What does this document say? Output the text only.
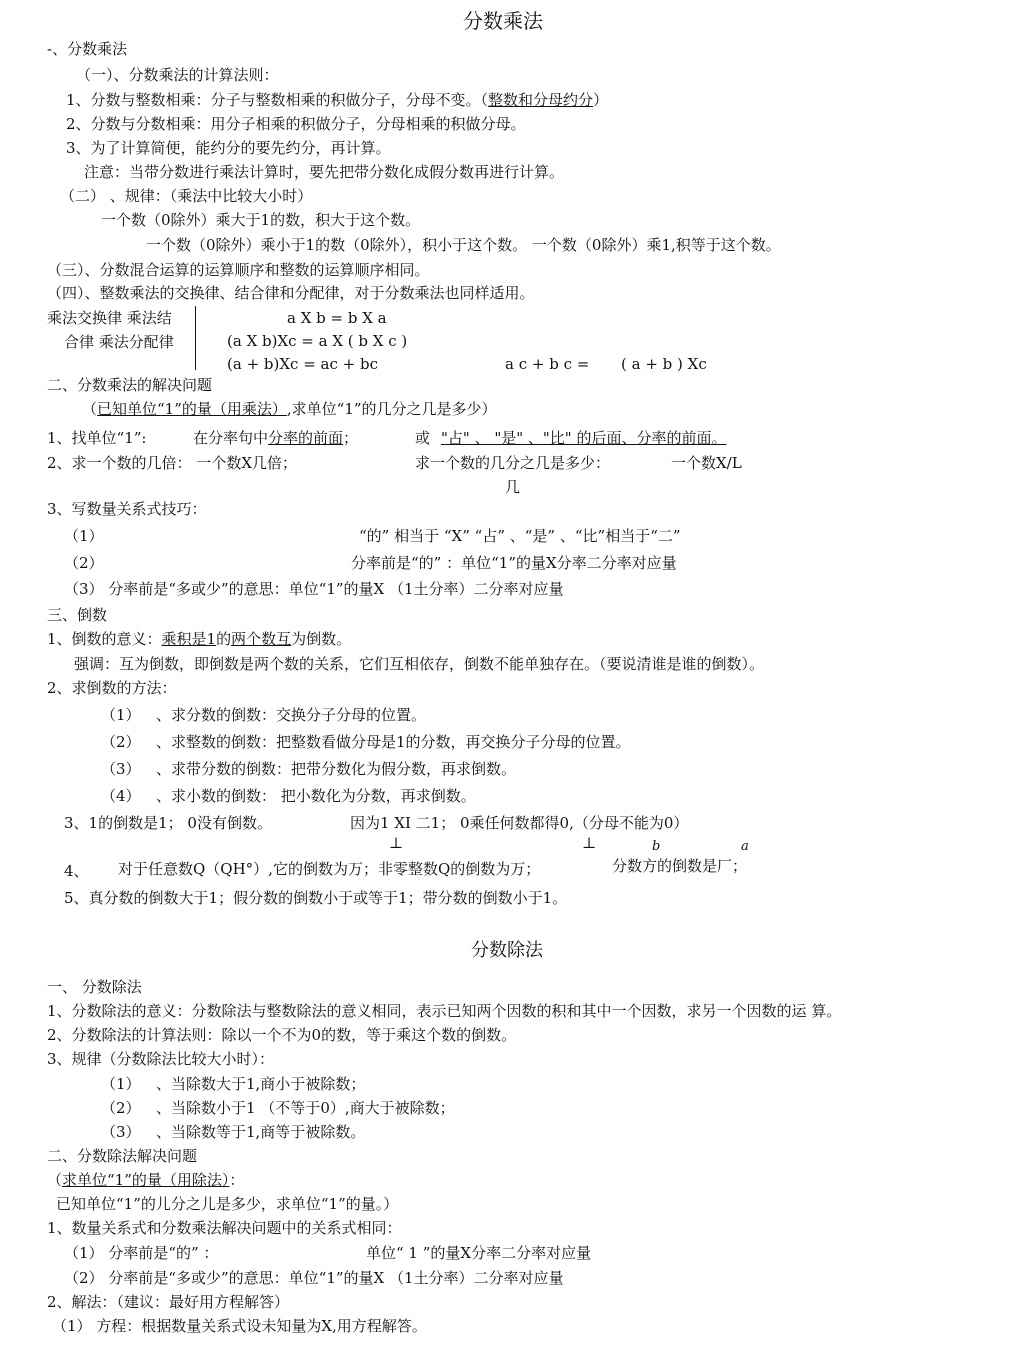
分数乘法
-、分数乘法
（一）、分数乘法的计算法则：
1、分数与整数相乘：分子与整数相乘的积做分子，分母不变。（整数和分母约分）
2、分数与分数相乘：用分子相乘的积做分子，分母相乘的积做分母。
3、为了计算简便，能约分的要先约分，再计算。
注意：当带分数进行乘法计算时，要先把带分数化成假分数再进行计算。
（二） 、规律：（乘法中比较大小时）
一个数（0除外）乘大于1的数，积大于这个数。
一个数（0除外）乘小于1的数（0除外），积小于这个数。 一个数（0除外）乘1,积等于这个数。
（三）、分数混合运算的运算顺序和整数的运算顺序相同。
（四）、整数乘法的交换律、结合律和分配律，对于分数乘法也同样适用。
乘法交换律 乘法结
合律 乘法分配律
a X b = b X a
(a X b)Xc = a X ( b X c )
(a + b)Xc = ac + bc	a c + b c = ( a + b ) Xc
二、分数乘法的解决问题
（已知单位“1”的量（用乘法）,求单位“1”的几分之几是多少）
1、找单位“1”:	在分率句中分率的前面；	或 "占" 、 "是" 、"比" 的后面、分率的前面。
2、求一个数的几倍： 一个数X几倍；	求一个数的几分之几是多少：	一个数X/L
几
3、写数量关系式技巧：
（1）	“的” 相当于 “X” “占” 、“是” 、“比”相当于“二”
（2）	分率前是“的” ：单位“1”的量X分率二分率对应量
（3） 分率前是“多或少”的意思：单位“1”的量X （1土分率）二分率对应量
三、倒数
1、倒数的意义：乘积是1的两个数互为倒数。
强调：互为倒数，即倒数是两个数的关系，它们互相依存，倒数不能单独存在。（要说清谁是谁的倒数）。
2、求倒数的方法：
（1） 、求分数的倒数：交换分子分母的位置。
（2） 、求整数的倒数：把整数看做分母是1的分数，再交换分子分母的位置。
（3） 、求带分数的倒数：把带分数化为假分数，再求倒数。
（4） 、求小数的倒数： 把小数化为分数，再求倒数。
3、1的倒数是1； 0没有倒数。	因为1 XI 二1； 0乘任何数都得0,（分母不能为0）
⊥	⊥	b	a
4、 对于任意数Q（QH°）,它的倒数为万；非零整数Q的倒数为万；	分数方的倒数是厂；
5、真分数的倒数大于1；假分数的倒数小于或等于1；带分数的倒数小于1。
分数除法
一、 分数除法
1、分数除法的意义：分数除法与整数除法的意义相同，表示已知两个因数的积和其中一个因数，求另一个因数的运 算。
2、分数除法的计算法则：除以一个不为0的数，等于乘这个数的倒数。
3、规律（分数除法比较大小时）：
（1） 、当除数大于1,商小于被除数；
（2） 、当除数小于1 （不等于0）,商大于被除数；
（3） 、当除数等于1,商等于被除数。
二、分数除法解决问题
（求单位“1”的量（用除法）：
已知单位“1”的儿分之儿是多少，求单位“1”的量。）
1、数量关系式和分数乘法解决问题中的关系式相同：
（1） 分率前是“的” ：	单位“ 1 ”的量X分率二分率对应量
（2） 分率前是“多或少”的意思：单位“1”的量X （1土分率）二分率对应量
2、解法：（建议：最好用方程解答）
（1） 方程：根据数量关系式设未知量为X,用方程解答。
